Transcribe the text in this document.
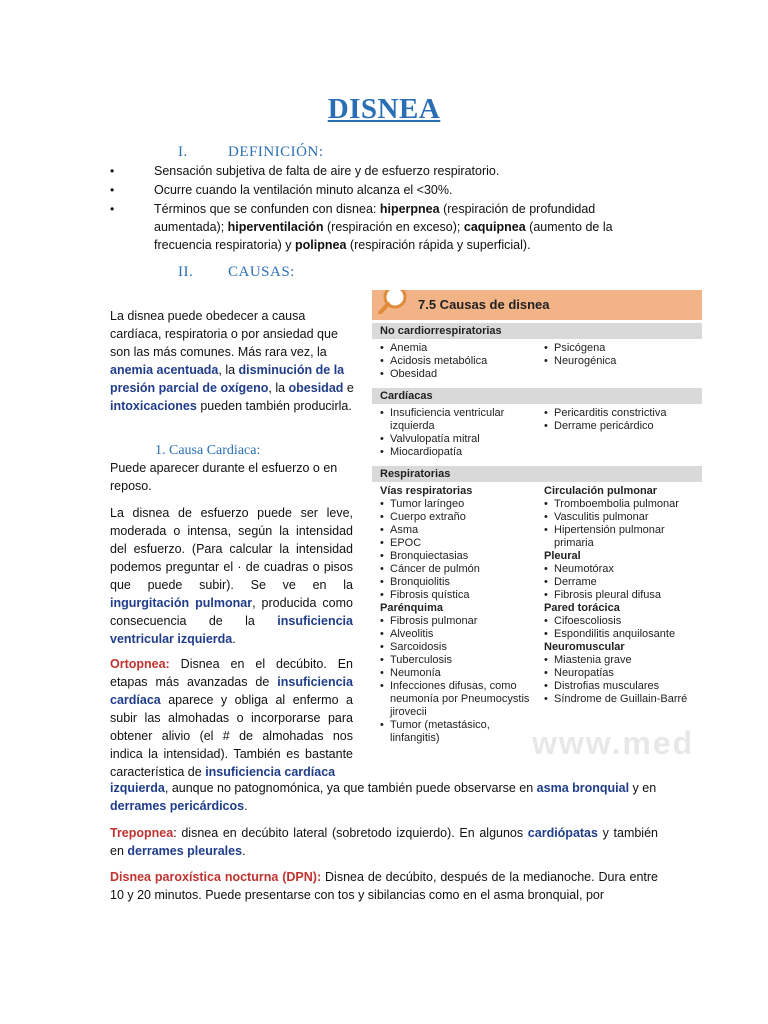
DISNEA
I.	DEFINICIÓN:
• Sensación subjetiva de falta de aire y de esfuerzo respiratorio.
• Ocurre cuando la ventilación minuto alcanza el <30%.
• Términos que se confunden con disnea: hiperpnea (respiración de profundidad aumentada); hiperventilación (respiración en exceso); caquipnea (aumento de la frecuencia respiratoria) y polipnea (respiración rápida y superficial).
II. CAUSAS:
La disnea puede obedecer a causa cardíaca, respiratoria o por ansiedad que son las más comunes. Más rara vez, la anemia acentuada, la disminución de la presión parcial de oxígeno, la obesidad e intoxicaciones pueden también producirla.
1. Causa Cardiaca:
Puede aparecer durante el esfuerzo o en reposo.
La disnea de esfuerzo puede ser leve, moderada o intensa, según la intensidad del esfuerzo. (Para calcular la intensidad podemos preguntar el · de cuadras o pisos que puede subir). Se ve en la ingurgitación pulmonar, producida como consecuencia de la insuficiencia ventricular izquierda.
Ortopnea: Disnea en el decúbito. En etapas más avanzadas de insuficiencia cardíaca aparece y obliga al enfermo a subir las almohadas o incorporarse para obtener alivio (el # de almohadas nos indica la intensidad). También es bastante característica de insuficiencia cardíaca
izquierda, aunque no patognomónica, ya que también puede observarse en asma bronquial y en derrames pericárdicos.
Trepopnea: disnea en decúbito lateral (sobretodo izquierdo). En algunos cardiópatas y también en derrames pleurales.
Disnea paroxística nocturna (DPN): Disnea de decúbito, después de la medianoche. Dura entre 10 y 20 minutos. Puede presentarse con tos y sibilancias como en el asma bronquial, por
7.5 Causas de disnea
No cardiorrespiratorias
• Anemia
• Acidosis metabólica
• Obesidad
• Psicógena
• Neurogénica
Cardíacas
• Insuficiencia ventricular izquierda
• Valvulopatía mitral
• Miocardiopatía
• Pericarditis constrictiva
• Derrame pericárdico
Respiratorias
Vías respiratorias
• Tumor laríngeo
• Cuerpo extraño
• Asma
• EPOC
• Bronquiectasias
• Cáncer de pulmón
• Bronquiolitis
• Fibrosis quística
Parénquima
• Fibrosis pulmonar
• Alveolitis
• Sarcoidosis
• Tuberculosis
• Neumonía
• Infecciones difusas, como neumonía por Pneumocystis jirovecii
• Tumor (metastásico, linfangitis)
Circulación pulmonar
• Tromboembolia pulmonar
• Vasculitis pulmonar
• Hipertensión pulmonar primaria
Pleural
• Neumotórax
• Derrame
• Fibrosis pleural difusa
Pared torácica
• Cifoescoliosis
• Espondilitis anquilosante
Neuromuscular
• Miastenia grave
• Neuropatías
• Distrofias musculares
• Síndrome de Guillain-Barré
www.med
